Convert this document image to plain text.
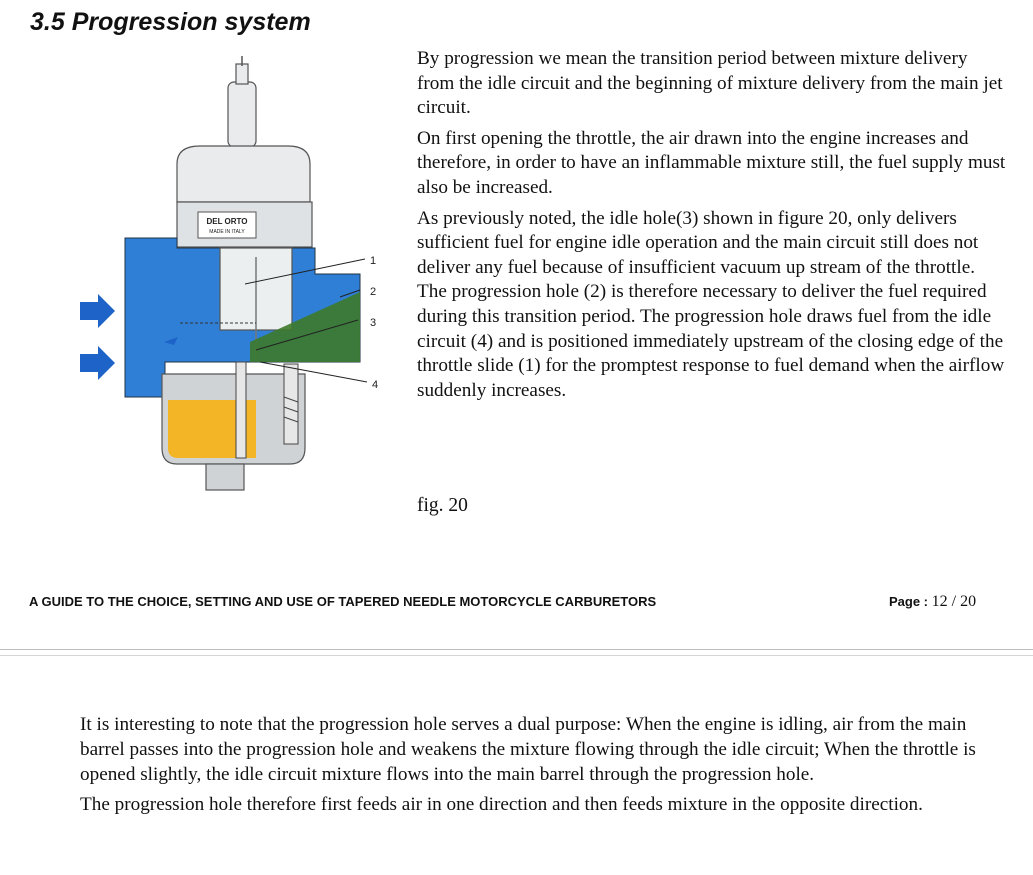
3.5 Progression system
DEL ORTO
MADE IN ITALY
1
2
3
4

By progression we mean the transition period between mixture delivery from the idle circuit and the beginning of mixture delivery from the main jet circuit.

On first opening the throttle, the air drawn into the engine increases and therefore, in order to have an inflammable mixture still, the fuel supply must also be increased.

As previously noted, the idle hole(3) shown in figure 20, only delivers sufficient fuel for engine idle operation and the main circuit still does not deliver any fuel because of insufficient vacuum up stream of the throttle. The progression hole (2) is therefore necessary to deliver the fuel required during this transition period. The progression hole draws fuel from the idle circuit (4) and is positioned immediately upstream of the closing edge of the throttle slide (1) for the promptest response to fuel demand when the airflow suddenly increases.

fig. 20
A GUIDE TO THE CHOICE, SETTING AND USE OF TAPERED NEEDLE MOTORCYCLE CARBURETORS	Page : 12 / 20

It is interesting to note that the progression hole serves a dual purpose: When the engine is idling, air from the main barrel passes into the progression hole and weakens the mixture flowing through the idle circuit; When the throttle is opened slightly, the idle circuit mixture flows into the main barrel through the progression hole.

The progression hole therefore first feeds air in one direction and then feeds mixture in the opposite direction.
